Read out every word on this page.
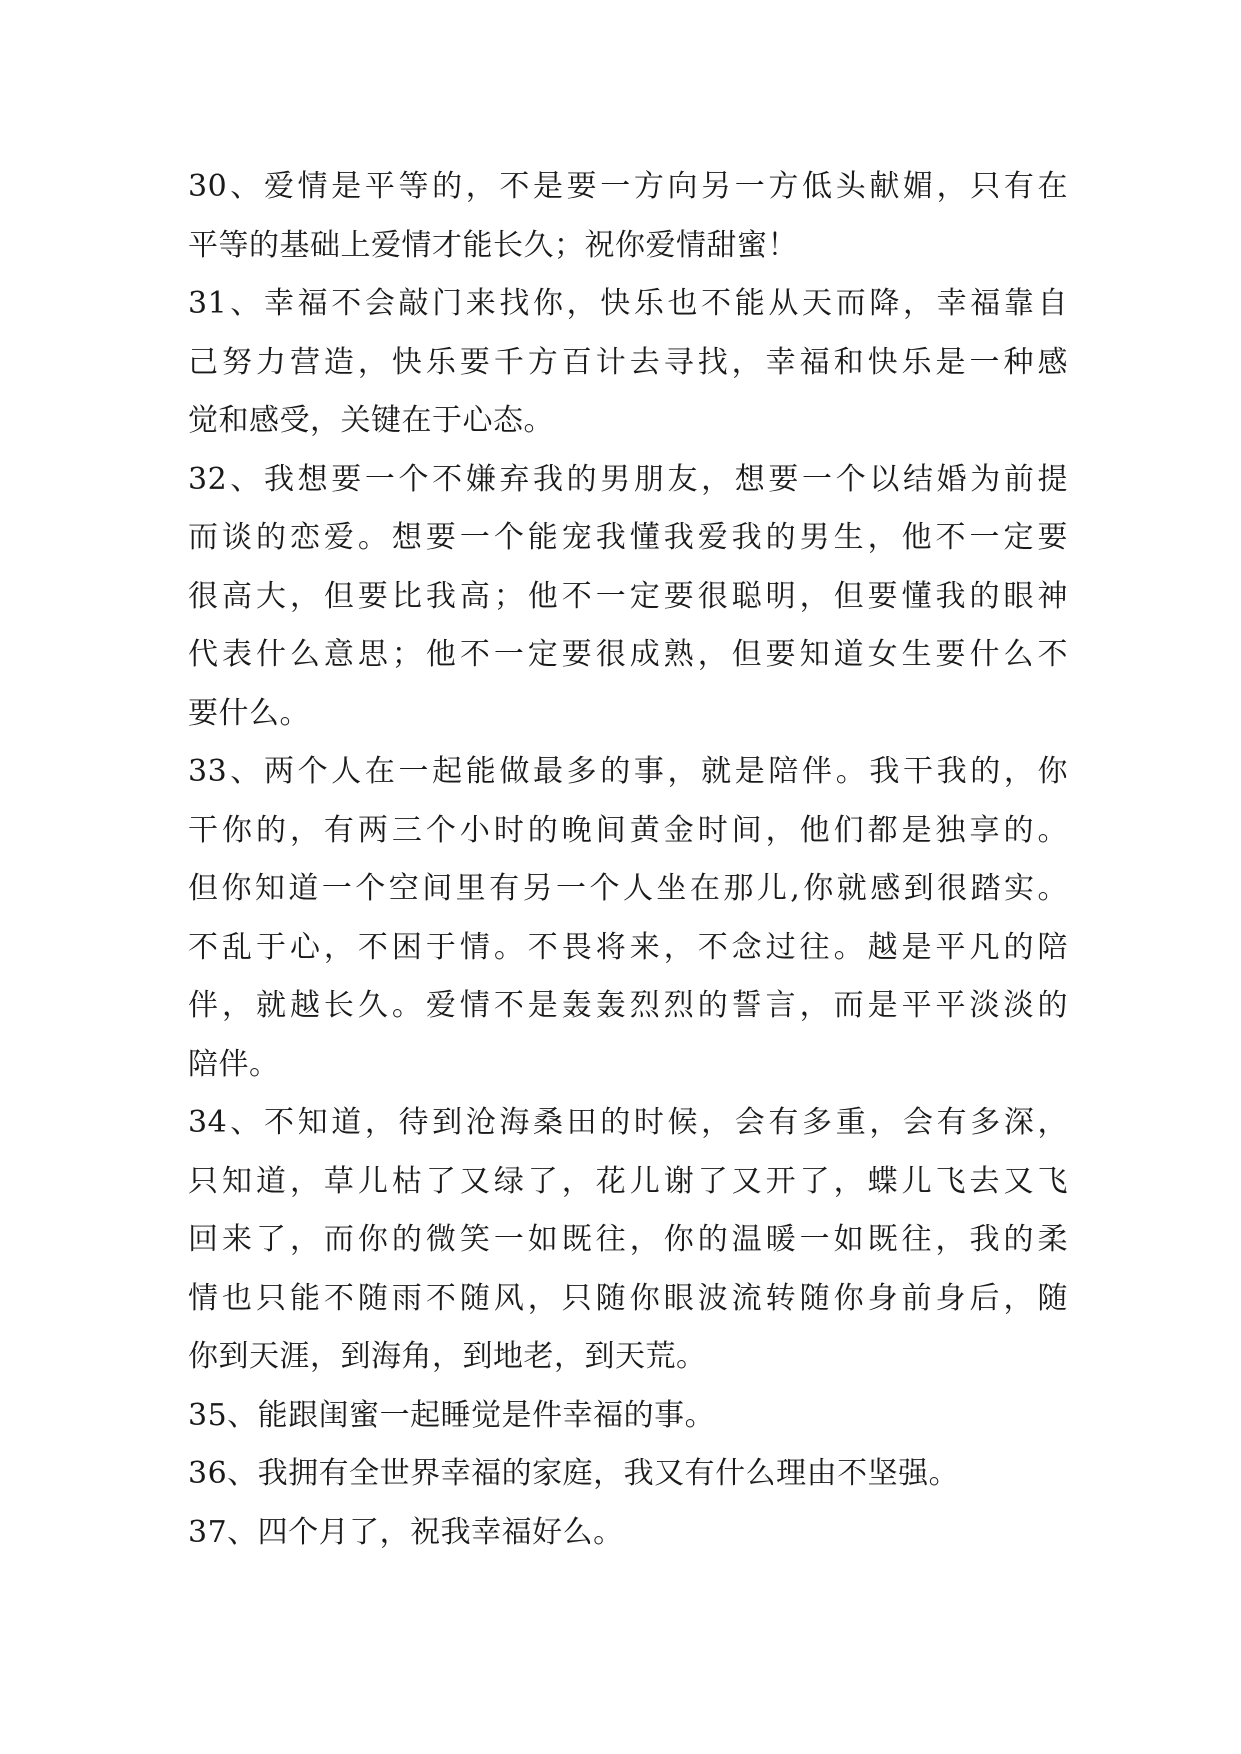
30、爱情是平等的，不是要一方向另一方低头献媚，只有在
平等的基础上爱情才能长久；祝你爱情甜蜜！
31、幸福不会敲门来找你，快乐也不能从天而降，幸福靠自
己努力营造，快乐要千方百计去寻找，幸福和快乐是一种感
觉和感受，关键在于心态。
32、我想要一个不嫌弃我的男朋友，想要一个以结婚为前提
而谈的恋爱。想要一个能宠我懂我爱我的男生，他不一定要
很高大，但要比我高；他不一定要很聪明，但要懂我的眼神
代表什么意思；他不一定要很成熟，但要知道女生要什么不
要什么。
33、两个人在一起能做最多的事，就是陪伴。我干我的，你
干你的，有两三个小时的晚间黄金时间，他们都是独享的。
但你知道一个空间里有另一个人坐在那儿,你就感到很踏实。
不乱于心，不困于情。不畏将来，不念过往。越是平凡的陪
伴，就越长久。爱情不是轰轰烈烈的誓言，而是平平淡淡的
陪伴。
34、不知道，待到沧海桑田的时候，会有多重，会有多深，
只知道，草儿枯了又绿了，花儿谢了又开了，蝶儿飞去又飞
回来了，而你的微笑一如既往，你的温暖一如既往，我的柔
情也只能不随雨不随风，只随你眼波流转随你身前身后，随
你到天涯，到海角，到地老，到天荒。
35、能跟闺蜜一起睡觉是件幸福的事。
36、我拥有全世界幸福的家庭，我又有什么理由不坚强。
37、四个月了，祝我幸福好么。
